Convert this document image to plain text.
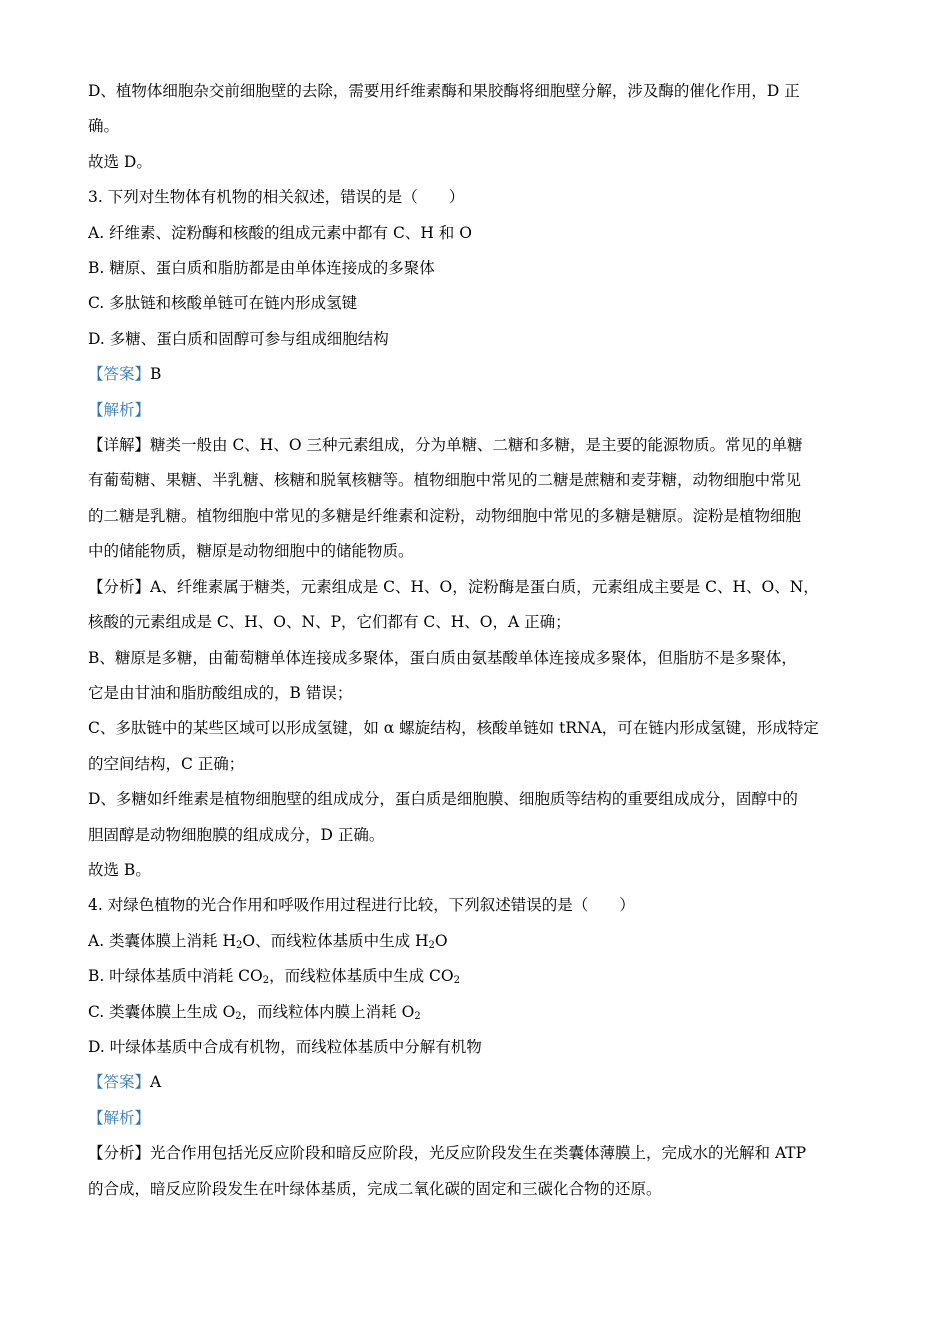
D、植物体细胞杂交前细胞壁的去除，需要用纤维素酶和果胶酶将细胞壁分解，涉及酶的催化作用，D 正
确。
故选 D。
3. 下列对生物体有机物的相关叙述，错误的是（　　）
A. 纤维素、淀粉酶和核酸的组成元素中都有 C、H 和 O
B. 糖原、蛋白质和脂肪都是由单体连接成的多聚体
C. 多肽链和核酸单链可在链内形成氢键
D. 多糖、蛋白质和固醇可参与组成细胞结构
【答案】B
【解析】
【详解】糖类一般由 C、H、O 三种元素组成，分为单糖、二糖和多糖，是主要的能源物质。常见的单糖
有葡萄糖、果糖、半乳糖、核糖和脱氧核糖等。植物细胞中常见的二糖是蔗糖和麦芽糖，动物细胞中常见
的二糖是乳糖。植物细胞中常见的多糖是纤维素和淀粉，动物细胞中常见的多糖是糖原。淀粉是植物细胞
中的储能物质，糖原是动物细胞中的储能物质。
【分析】A、纤维素属于糖类，元素组成是 C、H、O，淀粉酶是蛋白质，元素组成主要是 C、H、O、N，
核酸的元素组成是 C、H、O、N、P，它们都有 C、H、O，A 正确；
B、糖原是多糖，由葡萄糖单体连接成多聚体，蛋白质由氨基酸单体连接成多聚体，但脂肪不是多聚体，
它是由甘油和脂肪酸组成的，B 错误；
C、多肽链中的某些区域可以形成氢键，如 α 螺旋结构，核酸单链如 tRNA，可在链内形成氢键，形成特定
的空间结构，C 正确；
D、多糖如纤维素是植物细胞壁的组成成分，蛋白质是细胞膜、细胞质等结构的重要组成成分，固醇中的
胆固醇是动物细胞膜的组成成分，D 正确。
故选 B。
4. 对绿色植物的光合作用和呼吸作用过程进行比较，下列叙述错误的是（　　）
A. 类囊体膜上消耗 $H_2O$、而线粒体基质中生成 $H_2O$
B. 叶绿体基质中消耗 $CO_2$，而线粒体基质中生成 $CO_2$
C. 类囊体膜上生成 $O_2$，而线粒体内膜上消耗 $O_2$
D. 叶绿体基质中合成有机物，而线粒体基质中分解有机物
【答案】A
【解析】
【分析】光合作用包括光反应阶段和暗反应阶段，光反应阶段发生在类囊体薄膜上，完成水的光解和 ATP
的合成，暗反应阶段发生在叶绿体基质，完成二氧化碳的固定和三碳化合物的还原。
